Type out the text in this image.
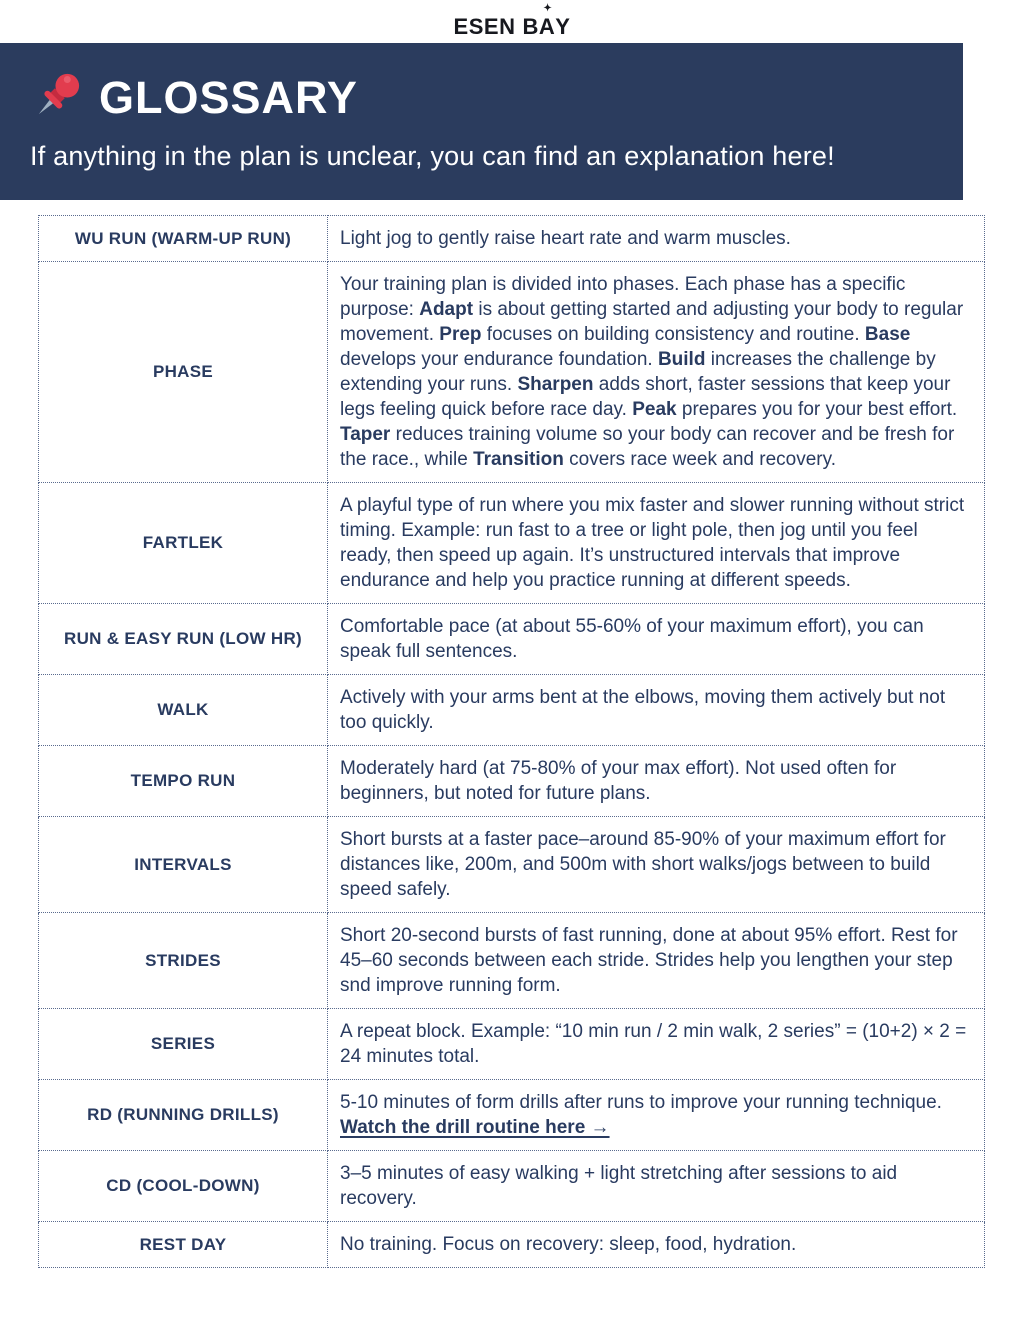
ESEN BA
✦
Y
GLOSSARY

If anything in the plan is unclear, you can find an explanation here!

WU RUN (WARM-UP RUN)	Light jog to gently raise heart rate and warm muscles.
PHASE	Your training plan is divided into phases. Each phase has a specific purpose: Adapt is about getting started and adjusting your body to regular movement. Prep focuses on building consistency and routine. Base develops your endurance foundation. Build increases the challenge by extending your runs. Sharpen adds short, faster sessions that keep your legs feeling quick before race day. Peak prepares you for your best effort. Taper reduces training volume so your body can recover and be fresh for the race., while Transition covers race week and recovery.
FARTLEK	A playful type of run where you mix faster and slower running without strict timing. Example: run fast to a tree or light pole, then jog until you feel ready, then speed up again. It’s unstructured intervals that improve endurance and help you practice running at different speeds.
RUN & EASY RUN (LOW HR)	Comfortable pace (at about 55-60% of your maximum effort), you can speak full sentences.
WALK	Actively with your arms bent at the elbows, moving them actively but not too quickly.
TEMPO RUN	Moderately hard (at 75-80% of your max effort). Not used often for beginners, but noted for future plans.
INTERVALS	Short bursts at a faster pace–around 85-90% of your maximum effort for distances like, 200m, and 500m with short walks/jogs between to build speed safely.
STRIDES	Short 20-second bursts of fast running, done at about 95% effort. Rest for 45–60 seconds between each stride. Strides help you lengthen your step snd improve running form.
SERIES	A repeat block. Example: “10 min run / 2 min walk, 2 series” = (10+2) × 2 = 24 minutes total.
RD (RUNNING DRILLS)	5-10 minutes of form drills after runs to improve your running technique. Watch the drill routine here →
CD (COOL-DOWN)	3–5 minutes of easy walking + light stretching after sessions to aid recovery.
REST DAY	No training. Focus on recovery: sleep, food, hydration.
